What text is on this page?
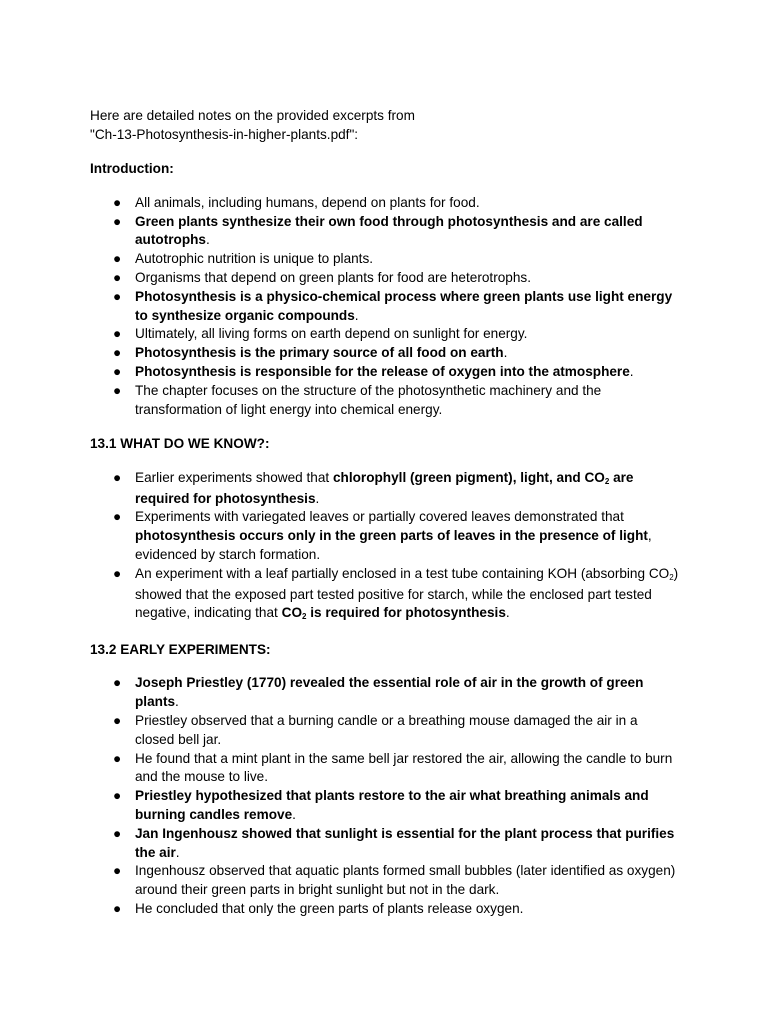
Here are detailed notes on the provided excerpts from

"Ch-13-Photosynthesis-in-higher-plants.pdf":

Introduction:

● All animals, including humans, depend on plants for food.
● Green plants synthesize their own food through photosynthesis and are called autotrophs.
● Autotrophic nutrition is unique to plants.
● Organisms that depend on green plants for food are heterotrophs.
● Photosynthesis is a physico-chemical process where green plants use light energy to synthesize organic compounds.
● Ultimately, all living forms on earth depend on sunlight for energy.
● Photosynthesis is the primary source of all food on earth.
● Photosynthesis is responsible for the release of oxygen into the atmosphere.
● The chapter focuses on the structure of the photosynthetic machinery and the transformation of light energy into chemical energy.

13.1 WHAT DO WE KNOW?:

● Earlier experiments showed that chlorophyll (green pigment), light, and $CO_2$ are required for photosynthesis.
● Experiments with variegated leaves or partially covered leaves demonstrated that photosynthesis occurs only in the green parts of leaves in the presence of light, evidenced by starch formation.
● An experiment with a leaf partially enclosed in a test tube containing KOH (absorbing $CO_2$) showed that the exposed part tested positive for starch, while the enclosed part tested negative, indicating that $CO_2$ is required for photosynthesis.

13.2 EARLY EXPERIMENTS:

● Joseph Priestley (1770) revealed the essential role of air in the growth of green plants.
● Priestley observed that a burning candle or a breathing mouse damaged the air in a closed bell jar.
● He found that a mint plant in the same bell jar restored the air, allowing the candle to burn and the mouse to live.
● Priestley hypothesized that plants restore to the air what breathing animals and burning candles remove.
● Jan Ingenhousz showed that sunlight is essential for the plant process that purifies the air.
● Ingenhousz observed that aquatic plants formed small bubbles (later identified as oxygen) around their green parts in bright sunlight but not in the dark.
● He concluded that only the green parts of plants release oxygen.
